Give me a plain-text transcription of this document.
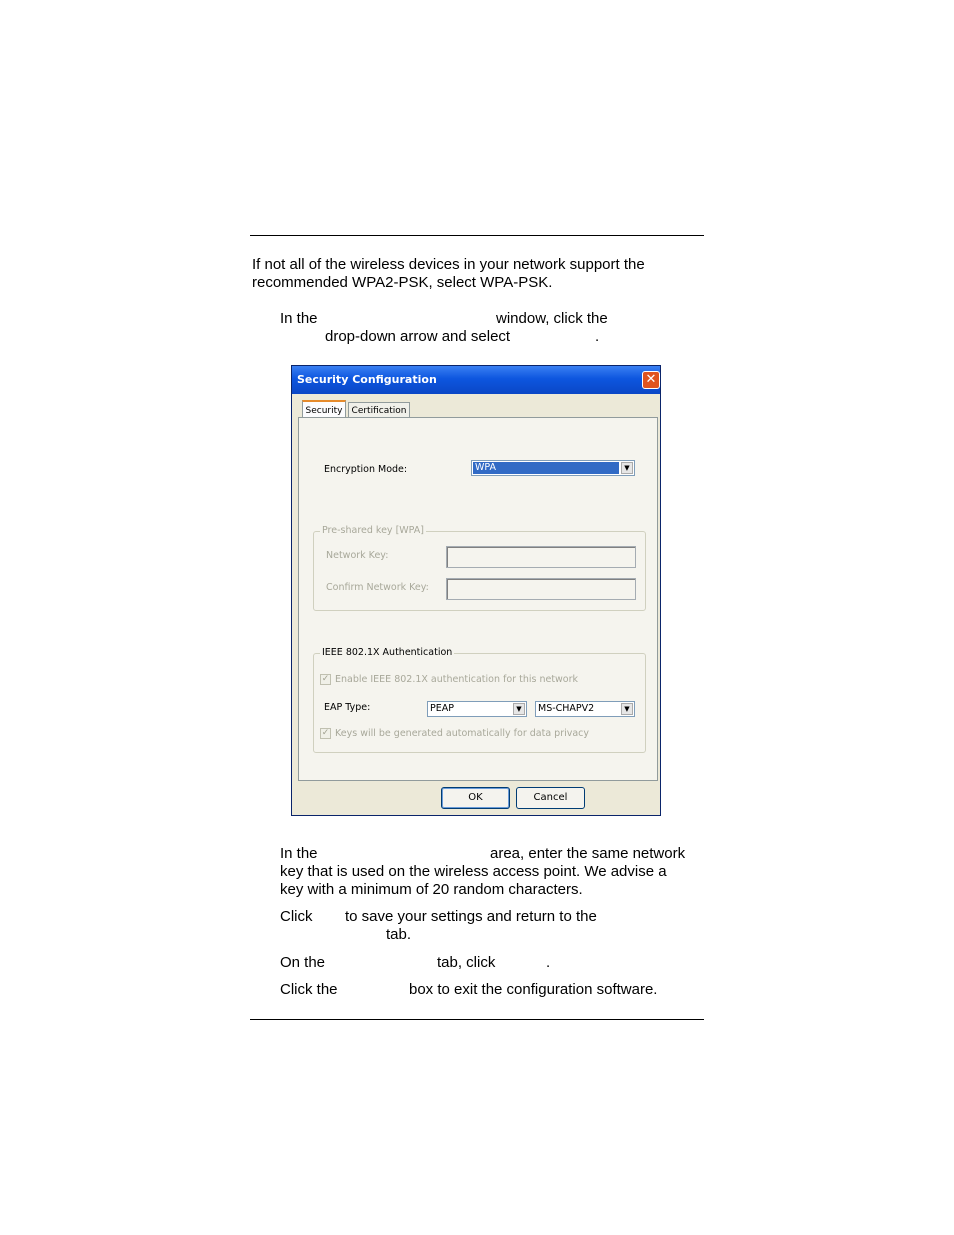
If not all of the wireless devices in your network support the
recommended WPA2-PSK, select WPA-PSK.
In the	window, click the
drop-down arrow and select	.
Security Configuration	✕
Security	Certification
Encryption Mode:	WPA	▼
Pre-shared key [WPA]
Network Key:
Confirm Network Key:
IEEE 802.1X Authentication
✓ Enable IEEE 802.1X authentication for this network
EAP Type:	PEAP	▼	MS-CHAPV2	▼
✓ Keys will be generated automatically for data privacy
OK	Cancel
In the	area, enter the same network
key that is used on the wireless access point. We advise a
key with a minimum of 20 random characters.
Click to save your settings and return to the
tab.
On the	tab, click	.
Click the	box to exit the configuration software.
